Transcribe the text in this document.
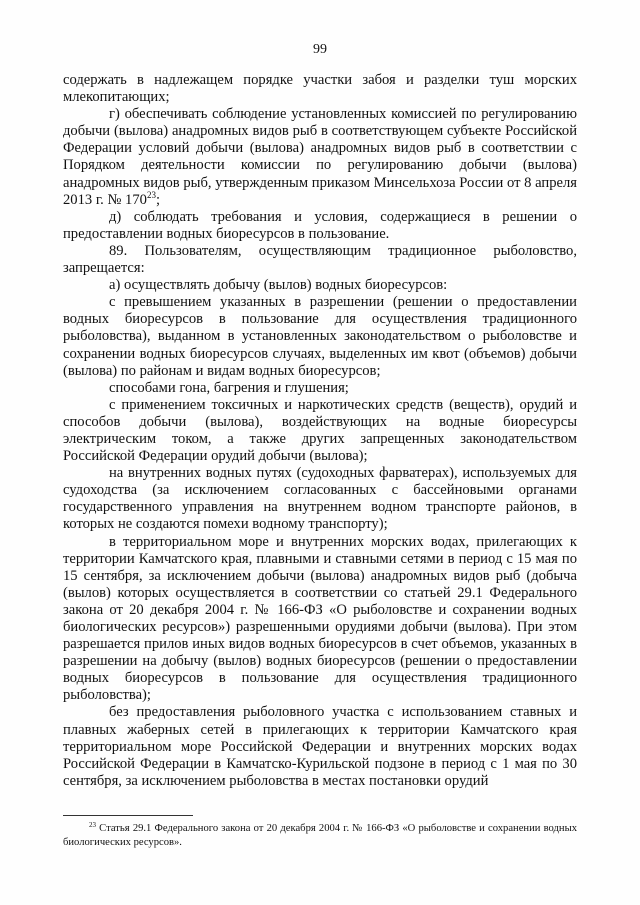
99

содержать в надлежащем порядке участки забоя и разделки туш морских млекопитающих;

г) обеспечивать соблюдение установленных комиссией по регулированию добычи (вылова) анадромных видов рыб в соответствующем субъекте Российской Федерации условий добычи (вылова) анадромных видов рыб в соответствии с Порядком деятельности комиссии по регулированию добычи (вылова) анадромных видов рыб, утвержденным приказом Минсельхоза России от 8 апреля 2013 г. № $170^{23}$;

д) соблюдать требования и условия, содержащиеся в решении о предоставлении водных биоресурсов в пользование.

89. Пользователям, осуществляющим традиционное рыболовство, запрещается:

а) осуществлять добычу (вылов) водных биоресурсов:

с превышением указанных в разрешении (решении о предоставлении водных биоресурсов в пользование для осуществления традиционного рыболовства), выданном в установленных законодательством о рыболовстве и сохранении водных биоресурсов случаях, выделенных им квот (объемов) добычи (вылова) по районам и видам водных биоресурсов;

способами гона, багрения и глушения;

с применением токсичных и наркотических средств (веществ), орудий и способов добычи (вылова), воздействующих на водные биоресурсы электрическим током, а также других запрещенных законодательством Российской Федерации орудий добычи (вылова);

на внутренних водных путях (судоходных фарватерах), используемых для судоходства (за исключением согласованных с бассейновыми органами государственного управления на внутреннем водном транспорте районов, в которых не создаются помехи водному транспорту);

в территориальном море и внутренних морских водах, прилегающих к территории Камчатского края, плавными и ставными сетями в период с 15 мая по 15 сентября, за исключением добычи (вылова) анадромных видов рыб (добыча (вылов) которых осуществляется в соответствии со статьей 29.1 Федерального закона от 20 декабря 2004 г. № 166-ФЗ «О рыболовстве и сохранении водных биологических ресурсов») разрешенными орудиями добычи (вылова). При этом разрешается прилов иных видов водных биоресурсов в счет объемов, указанных в разрешении на добычу (вылов) водных биоресурсов (решении о предоставлении водных биоресурсов в пользование для осуществления традиционного рыболовства);

без предоставления рыболовного участка с использованием ставных и плавных жаберных сетей в прилегающих к территории Камчатского края территориальном море Российской Федерации и внутренних морских водах Российской Федерации в Камчатско-Курильской подзоне в период с 1 мая по 30 сентября, за исключением рыболовства в местах постановки орудий

$^{23}$ Статья 29.1 Федерального закона от 20 декабря 2004 г. № 166-ФЗ «О рыболовстве и сохранении водных биологических ресурсов».
